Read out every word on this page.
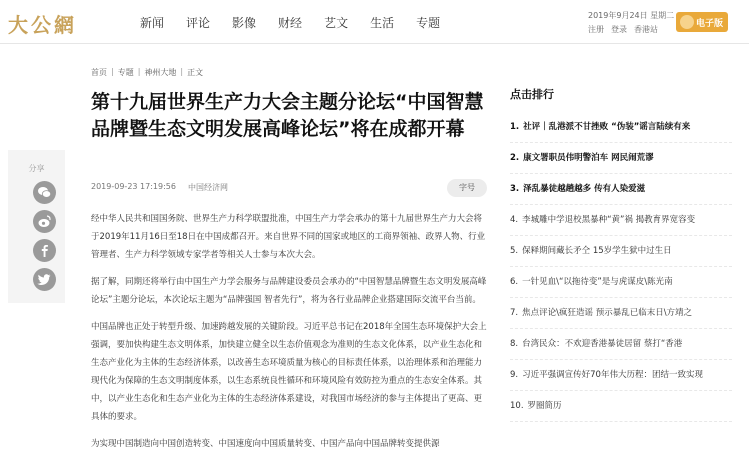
大公網	新闻 评论 影像 财经 艺文 生活 专题
2019年9月24日 星期二
注册 登录 香港站
电子版
首页 | 专题 | 神州大地 | 正文
第十九届世界生产力大会主题分论坛“中国智慧品牌暨生态文明发展高峰论坛”将在成都开幕
2019-09-23 17:19:56 中国经济网	字号
分享

经中华人民共和国国务院、世界生产力科学联盟批准，中国生产力学会承办的第十九届世界生产力大会将于2019年11月16日至18日在中国成都召开。来自世界不同的国家或地区的工商界领袖、政界人物、行业管理者、生产力科学领域专家学者等相关人士参与本次大会。

据了解，同期还将举行由中国生产力学会服务与品牌建设委员会承办的“中国智慧品牌暨生态文明发展高峰论坛”主题分论坛，本次论坛主题为“品牌强国 智者先行”，将为各行业品牌企业搭建国际交流平台当前。

中国品牌也正处于转型升级、加速跨越发展的关键阶段。习近平总书记在2018年全国生态环境保护大会上强调，要加快构建生态文明体系，加快建立健全以生态价值观念为准则的生态文化体系，以产业生态化和生态产业化为主体的生态经济体系，以改善生态环境质量为核心的目标责任体系，以治理体系和治理能力现代化为保障的生态文明制度体系，以生态系统良性循环和环境风险有效防控为重点的生态安全体系。其中，以产业生态化和生态产业化为主体的生态经济体系建设，对我国市场经济的参与主体提出了更高、更具体的要求。

为实现中国制造向中国创造转变、中国速度向中国质量转变、中国产品向中国品牌转变提供源

点击排行
1. 社评｜乱港派不甘挫败 “伪装”谣言陆续有来
2. 康文署职员伟明警泊车 网民闹荒谬
3. 泽乱暴徒越趟越多 传有人染爱滋
4. 李城雕中学退校黑暴种“黄”祸 揭教育界宽容变
5. 保释期间藏长矛仝 15岁学生狱中过生日
6. 一针见血\“以拖待变”是与虎谋皮\陈光南
7. 焦点评论\疯狂造谣 预示暴乱已临末日\方靖之
8. 台湾民众：不欢迎香港暴徒居留 蔡打“香港
9. 习近平强调宣传好70年伟大历程：团结一致实现
10. 罗圈简历
